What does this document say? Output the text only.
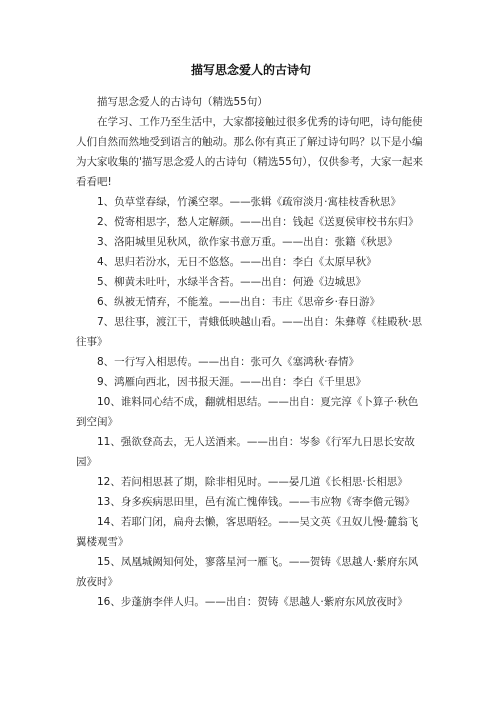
描写思念爱人的古诗句

描写思念爱人的古诗句（精选55句）

在学习、工作乃至生活中，大家都接触过很多优秀的诗句吧，诗句能使人们自然而然地受到语言的触动。那么你有真正了解过诗句吗？以下是小编为大家收集的'描写思念爱人的古诗句（精选55句），仅供参考，大家一起来看看吧!

1、负草堂春绿，竹溪空翠。——张辑《疏帘淡月·寓桂枝香秋思》

2、傥寄相思字，愁人定解颜。——出自：钱起《送夏侯审校书东归》

3、洛阳城里见秋风，欲作家书意万重。——出自：张籍《秋思》

4、思归若汾水，无日不悠悠。——出自：李白《太原早秋》

5、柳黄未吐叶，水绿半含苔。——出自：何逊《边城思》

6、纵被无情弃，不能羞。——出自：韦庄《思帝乡·春日游》

7、思往事，渡江干，青蛾低映越山看。——出自：朱彝尊《桂殿秋·思往事》

8、一行写入相思传。——出自：张可久《塞鸿秋·春情》

9、鸿雁向西北，因书报天涯。——出自：李白《千里思》

10、谁料同心结不成，翻就相思结。——出自：夏完淳《卜算子·秋色到空闺》

11、强欲登高去，无人送酒来。——出自：岑参《行军九日思长安故园》

12、若问相思甚了期，除非相见时。——晏几道《长相思·长相思》

13、身多疾病思田里，邑有流亡愧俸钱。——韦应物《寄李儋元锡》

14、若耶门闭，扁舟去懒，客思晤轻。——吴文英《丑奴儿慢·麓翁飞翼楼观雪》

15、凤凰城阙知何处，寥落星河一雁飞。——贺铸《思越人·紫府东风放夜时》

16、步蓬旃李伴人归。——出自：贺铸《思越人·紫府东风放夜时》
